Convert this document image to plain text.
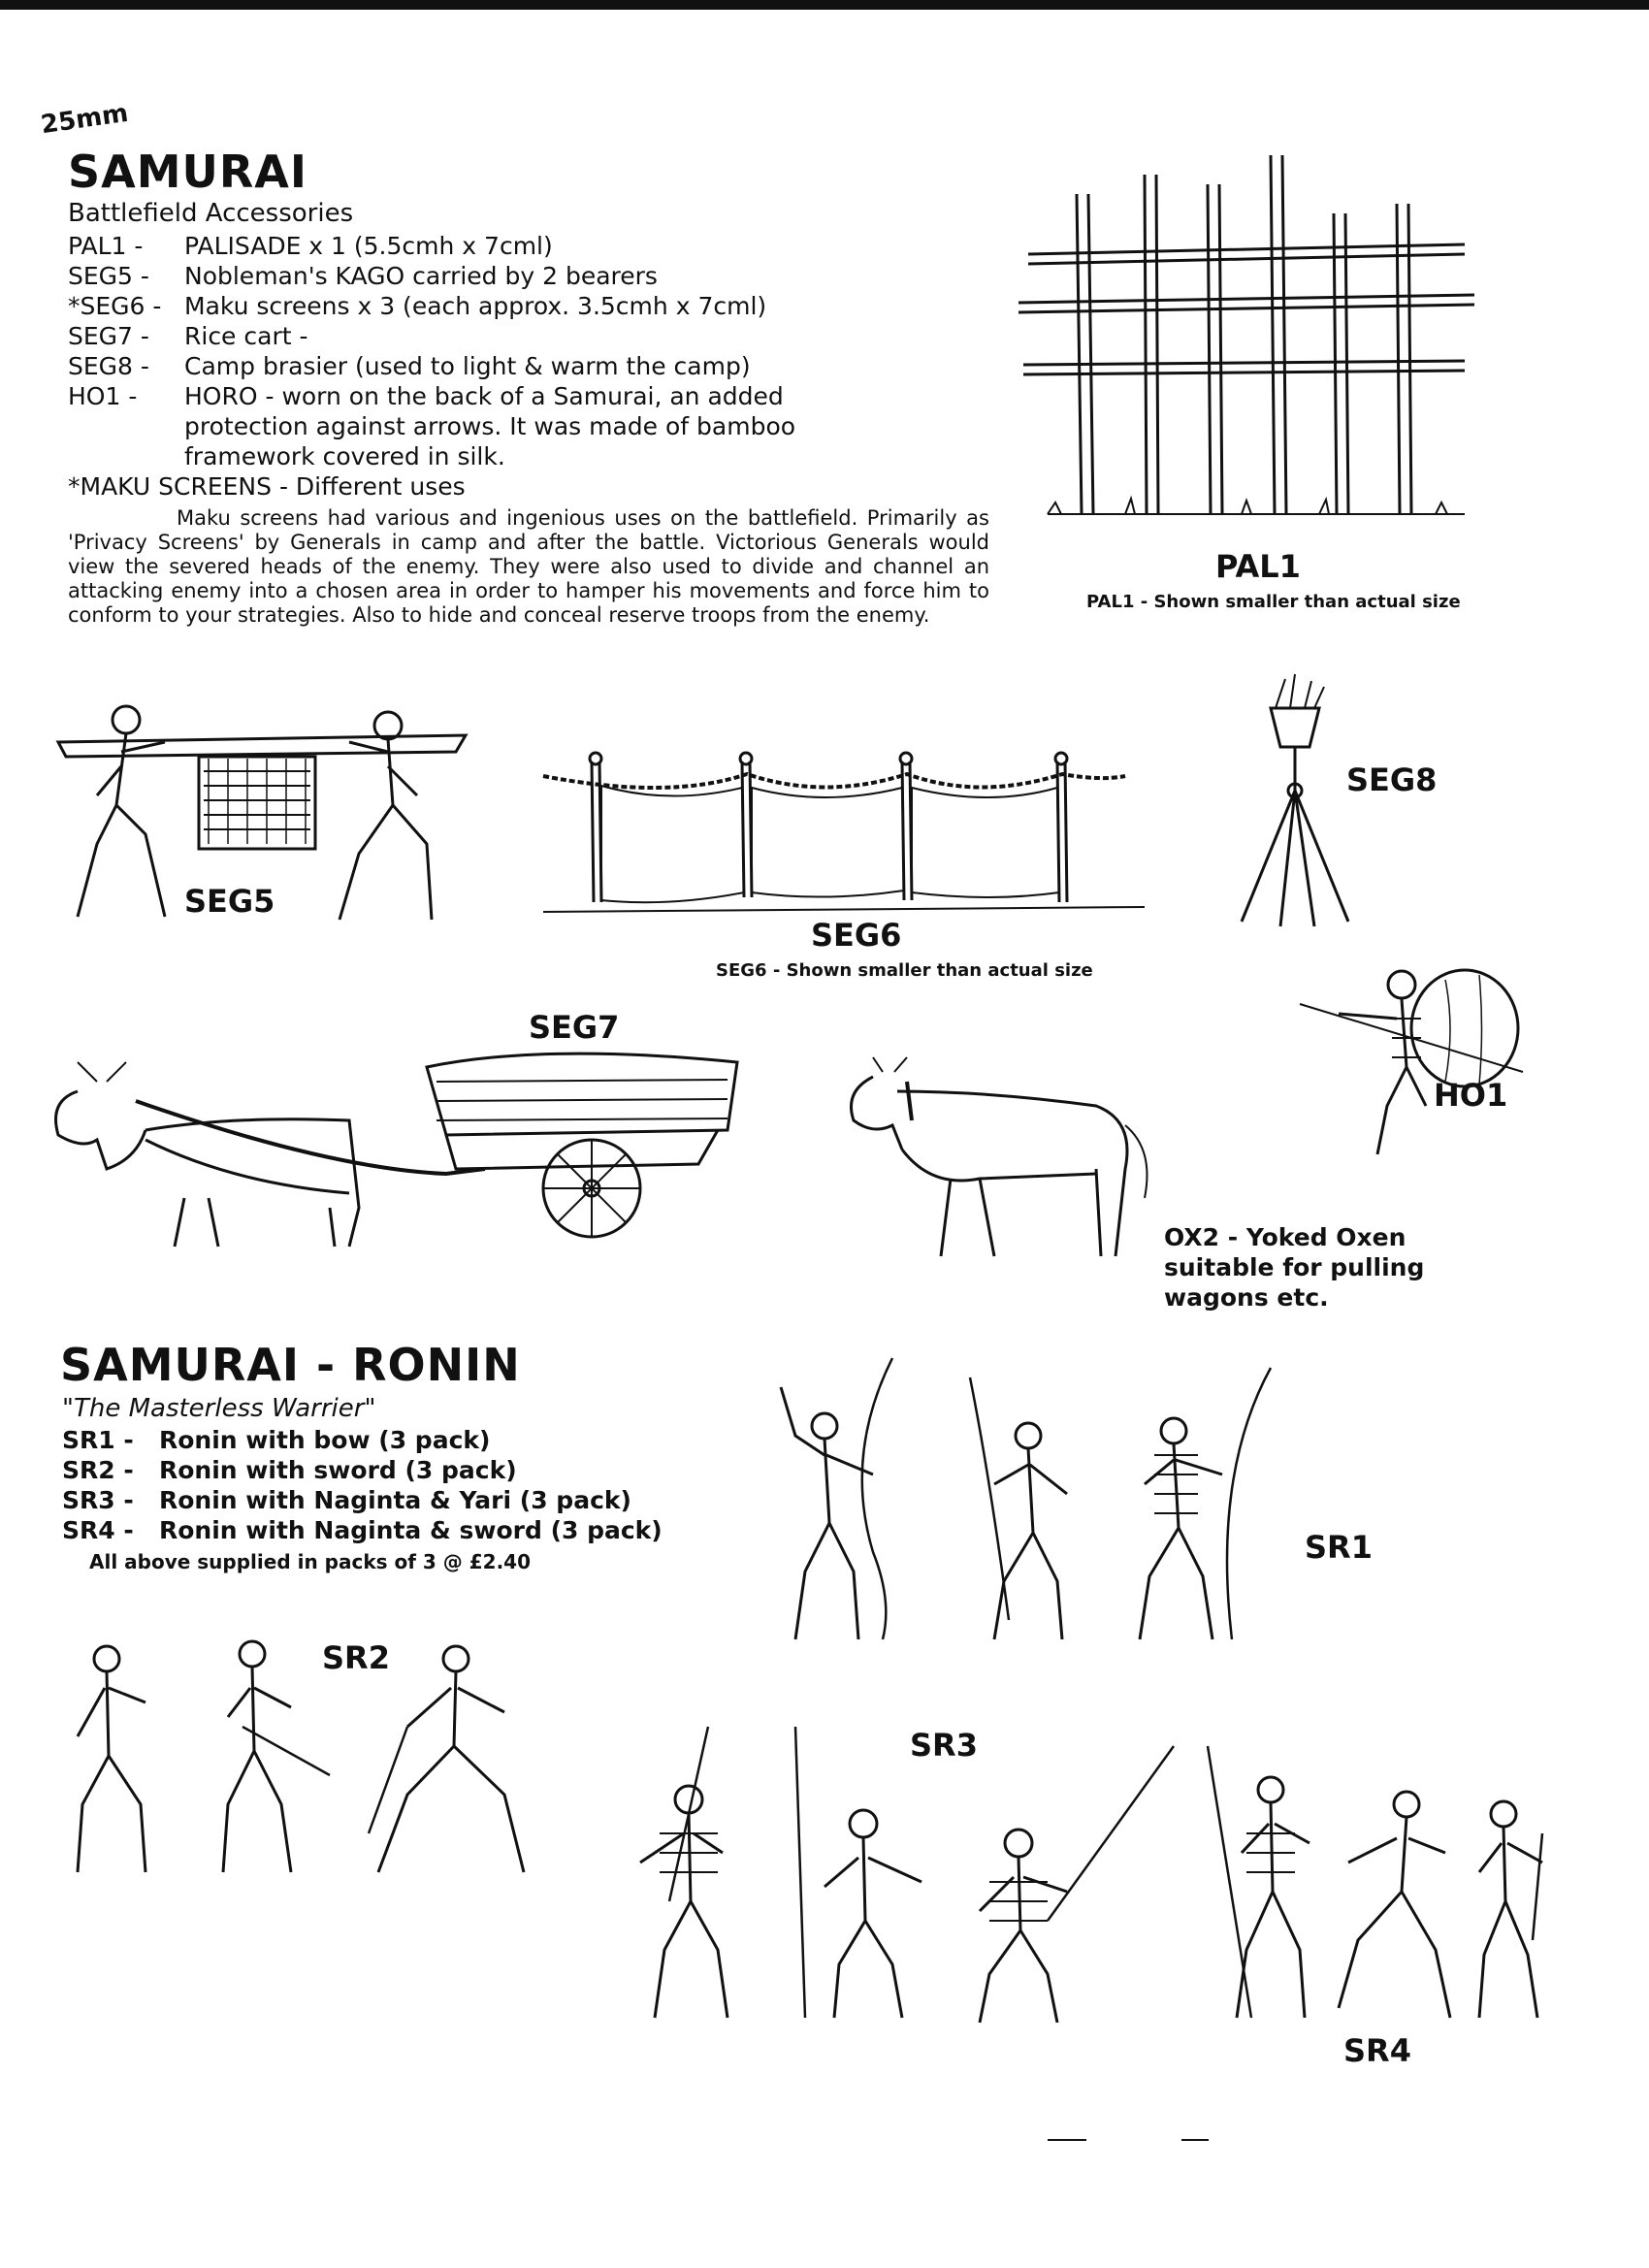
25mm
SAMURAI
Battlefield Accessories
PAL1 - PALISADE x 1 (5.5cmh x 7cml)
SEG5 - Nobleman's KAGO carried by 2 bearers
*SEG6 - Maku screens x 3 (each approx. 3.5cmh x 7cml)
SEG7 - Rice cart -
SEG8 - Camp brasier (used to light & warm the camp)
HO1 - HORO - worn on the back of a Samurai, an added
protection against arrows. It was made of bamboo
framework covered in silk.
*MAKU SCREENS - Different uses
Maku screens had various and ingenious uses on the battlefield. Primarily as 'Privacy Screens' by Generals in camp and after the battle. Victorious Generals would view the severed heads of the enemy. They were also used to divide and channel an attacking enemy into a chosen area in order to hamper his movements and force him to conform to your strategies. Also to hide and conceal reserve troops from the enemy.
PAL1
PAL1 - Shown smaller than actual size
SEG5
SEG6
SEG6 - Shown smaller than actual size
SEG8
SEG7
OX2 - Yoked Oxen
suitable for pulling
wagons etc.
HO1
SAMURAI - RONIN
"The Masterless Warrier"
SR1 - Ronin with bow (3 pack)
SR2 - Ronin with sword (3 pack)
SR3 - Ronin with Naginta & Yari (3 pack)
SR4 - Ronin with Naginta & sword (3 pack)
All above supplied in packs of 3 @ £2.40	SR1
SR2
SR3
SR4
